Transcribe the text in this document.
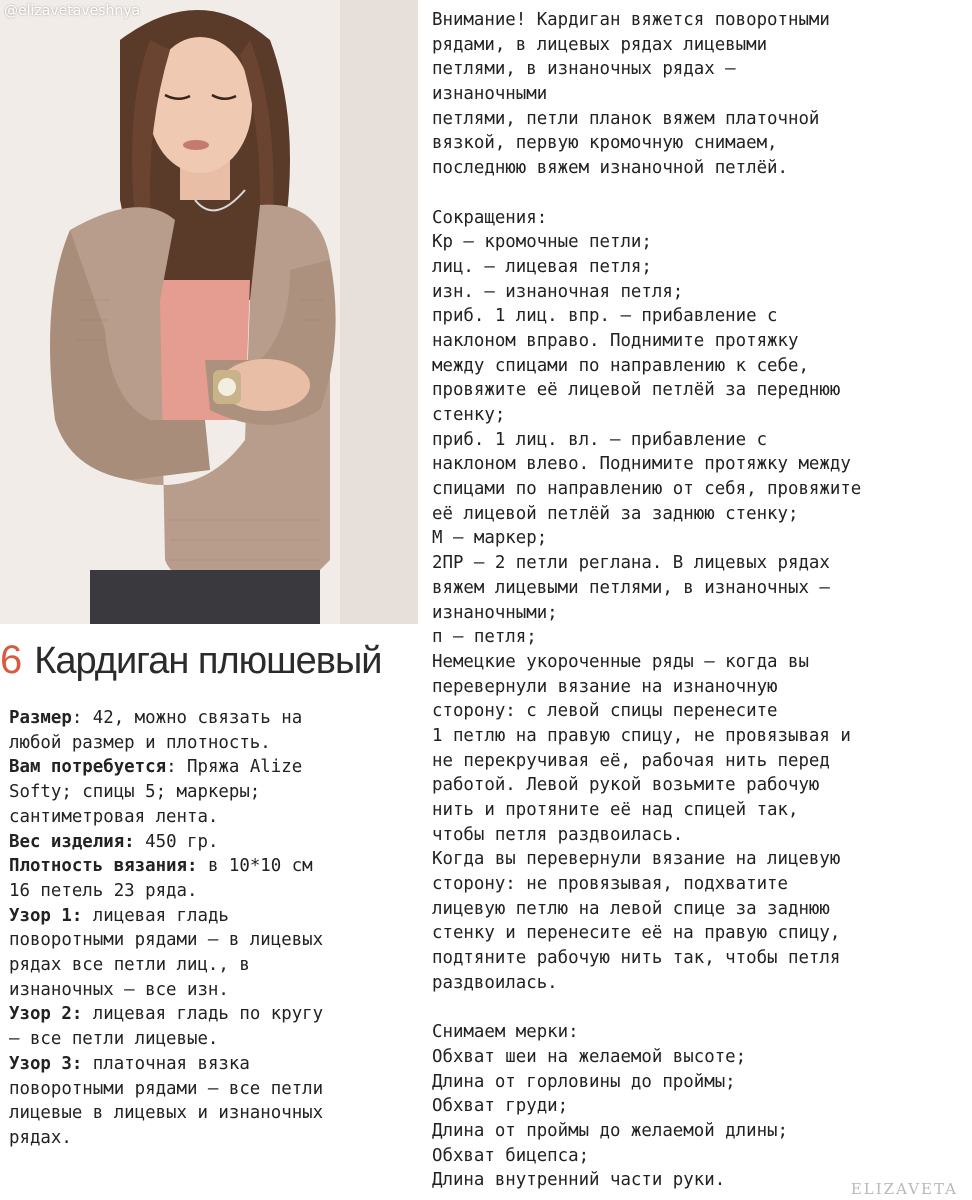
@elizavetaveshnya
6 Кардиган плюшевый
Размер: 42, можно связать на
любой размер и плотность.
Вам потребуется: Пряжа Alize
Softy; спицы 5; маркеры;
сантиметровая лента.
Вес изделия: 450 гр.
Плотность вязания: в 10*10 см
16 петель 23 ряда.
Узор 1: лицевая гладь
поворотными рядами – в лицевых
рядах все петли лиц., в
изнаночных – все изн.
Узор 2: лицевая гладь по кругу
– все петли лицевые.
Узор 3: платочная вязка
поворотными рядами – все петли
лицевые в лицевых и изнаночных
рядах.
Внимание! Кардиган вяжется поворотными
рядами, в лицевых рядах лицевыми
петлями, в изнаночных рядах –
изнаночными
петлями, петли планок вяжем платочной
вязкой, первую кромочную снимаем,
последнюю вяжем изнаночной петлёй.
Сокращения:
Кр – кромочные петли;
лиц. – лицевая петля;
изн. – изнаночная петля;
приб. 1 лиц. впр. – прибавление с
наклоном вправо. Поднимите протяжку
между спицами по направлению к себе,
провяжите её лицевой петлёй за переднюю
стенку;
приб. 1 лиц. вл. – прибавление с
наклоном влево. Поднимите протяжку между
спицами по направлению от себя, провяжите
её лицевой петлёй за заднюю стенку;
М – маркер;
2ПР – 2 петли реглана. В лицевых рядах
вяжем лицевыми петлями, в изнаночных –
изнаночными;
п – петля;
Немецкие укороченные ряды – когда вы
перевернули вязание на изнаночную
сторону: с левой спицы перенесите
1 петлю на правую спицу, не провязывая и
не перекручивая её, рабочая нить перед
работой. Левой рукой возьмите рабочую
нить и протяните её над спицей так,
чтобы петля раздвоилась.
Когда вы перевернули вязание на лицевую
сторону: не провязывая, подхватите
лицевую петлю на левой спице за заднюю
стенку и перенесите её на правую спицу,
подтяните рабочую нить так, чтобы петля
раздвоилась.
Снимаем мерки:
Обхват шеи на желаемой высоте;
Длина от горловины до проймы;
Обхват груди;
Длина от проймы до желаемой длины;
Обхват бицепса;
Длина внутренний части руки.	ELIZAVETA
